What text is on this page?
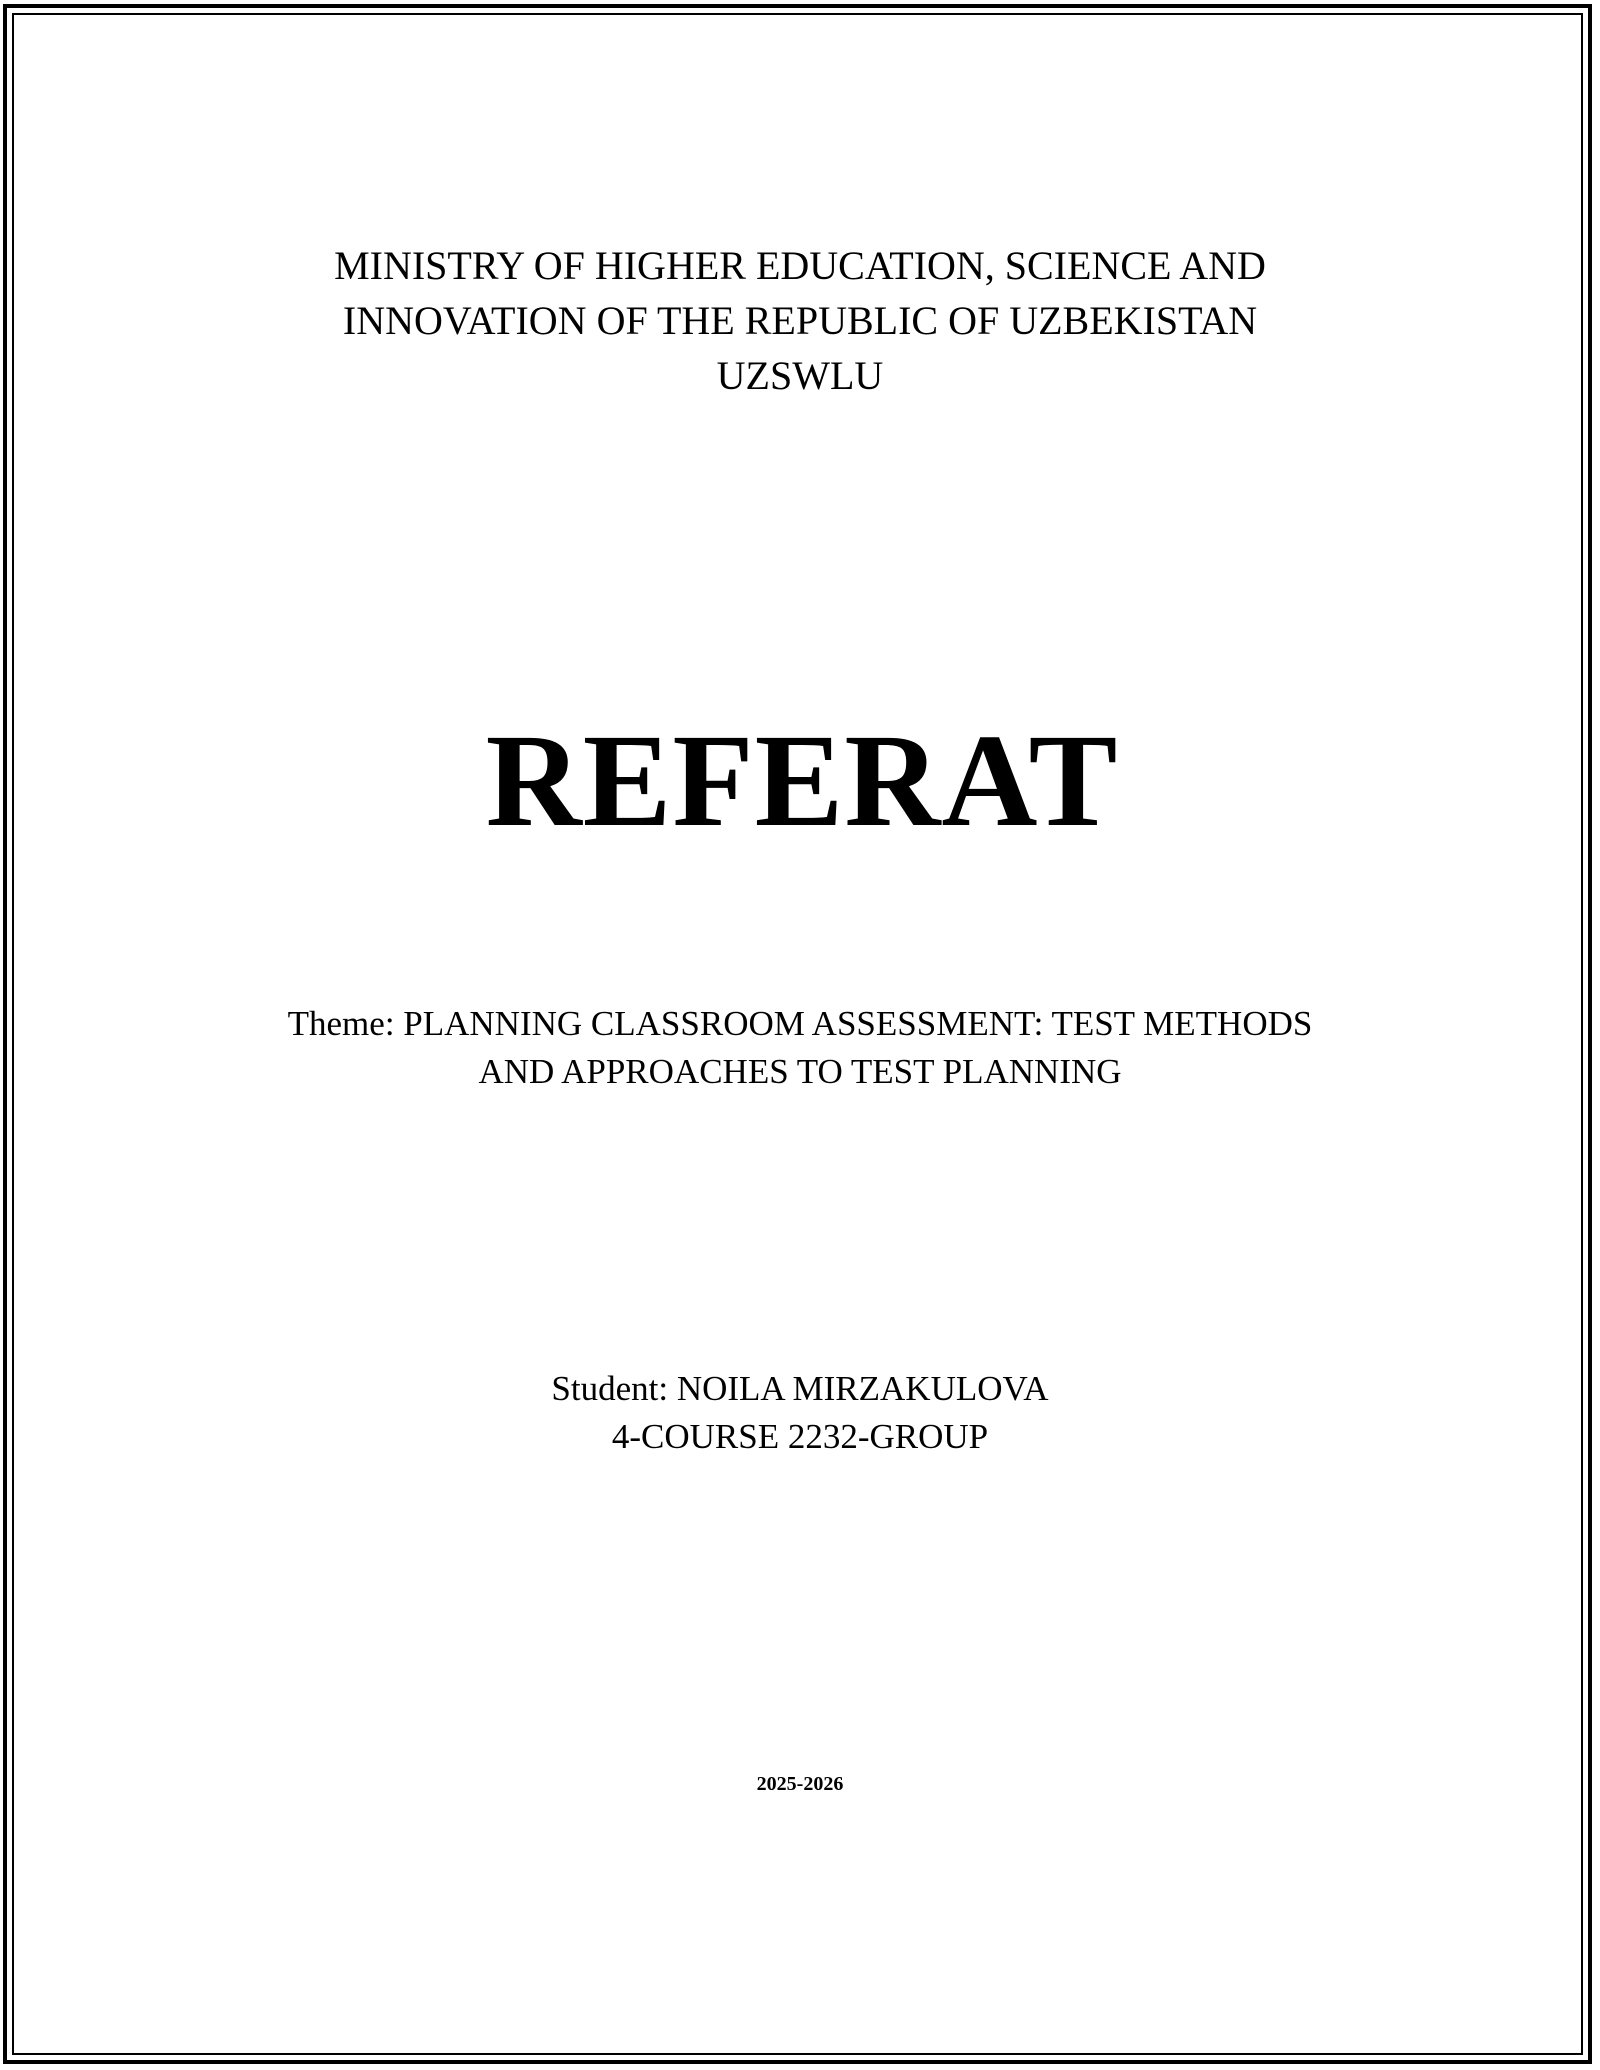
MINISTRY OF HIGHER EDUCATION, SCIENCE AND
INNOVATION OF THE REPUBLIC OF UZBEKISTAN
UZSWLU
REFERAT
Theme: PLANNING CLASSROOM ASSESSMENT: TEST METHODS
AND APPROACHES TO TEST PLANNING
Student: NOILA MIRZAKULOVA
4-COURSE 2232-GROUP
2025-2026
